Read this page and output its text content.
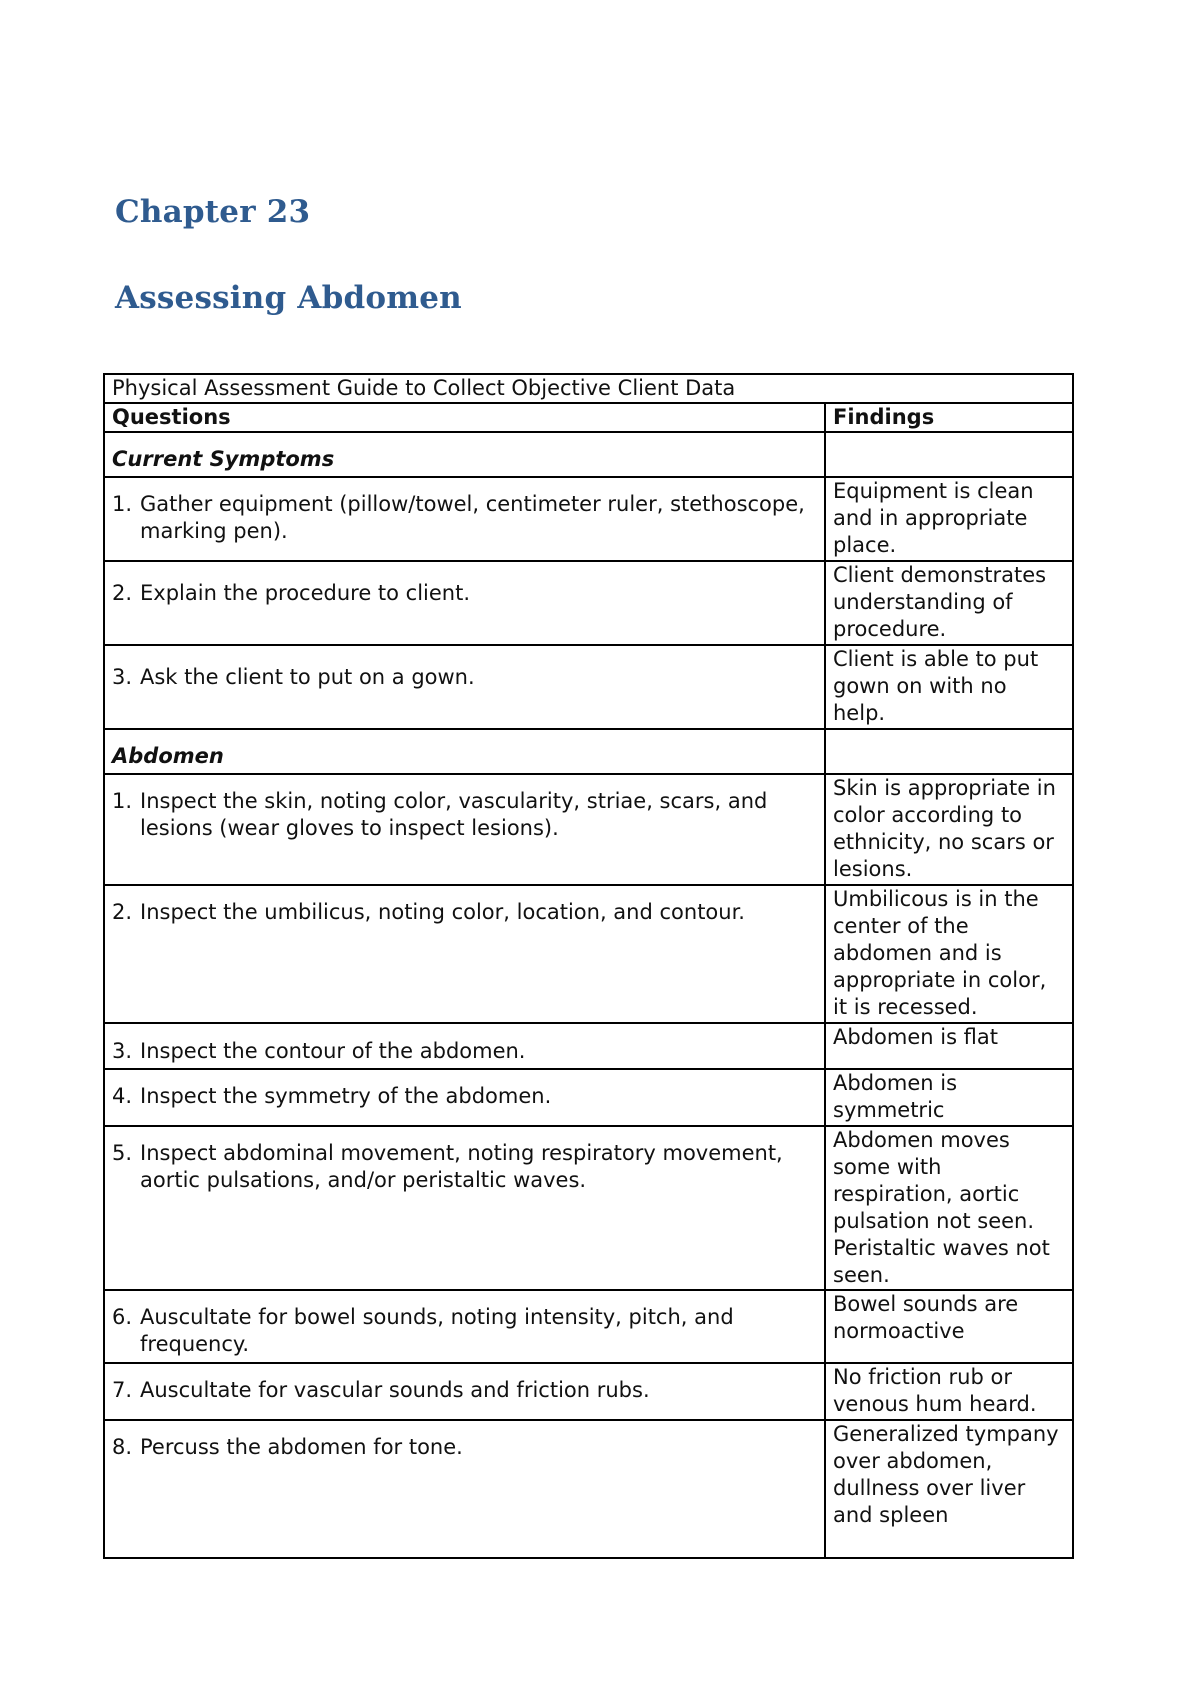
Chapter 23
Assessing Abdomen
Physical Assessment Guide to Collect Objective Client Data	
Questions	Findings

Current Symptoms	

1. Gather equipment (pillow/towel, centimeter ruler, stethoscope, marking pen).	Equipment is clean and in appropriate place.

2. Explain the procedure to client.	Client demonstrates understanding of procedure.

3. Ask the client to put on a gown.	Client is able to put gown on with no help.

Abdomen	

1. Inspect the skin, noting color, vascularity, striae, scars, and lesions (wear gloves to inspect lesions).	Skin is appropriate in color according to ethnicity, no scars or lesions.

2. Inspect the umbilicus, noting color, location, and contour.	Umbilicous is in the center of the abdomen and is appropriate in color, it is recessed.

3. Inspect the contour of the abdomen.	Abdomen is flat

4. Inspect the symmetry of the abdomen.	Abdomen is symmetric

5. Inspect abdominal movement, noting respiratory movement, aortic pulsations, and/or peristaltic waves.	Abdomen moves some with respiration, aortic pulsation not seen. Peristaltic waves not seen.

6. Auscultate for bowel sounds, noting intensity, pitch, and frequency.	Bowel sounds are normoactive

7. Auscultate for vascular sounds and friction rubs.	No friction rub or venous hum heard.

8. Percuss the abdomen for tone.	Generalized tympany over abdomen, dullness over liver and spleen
